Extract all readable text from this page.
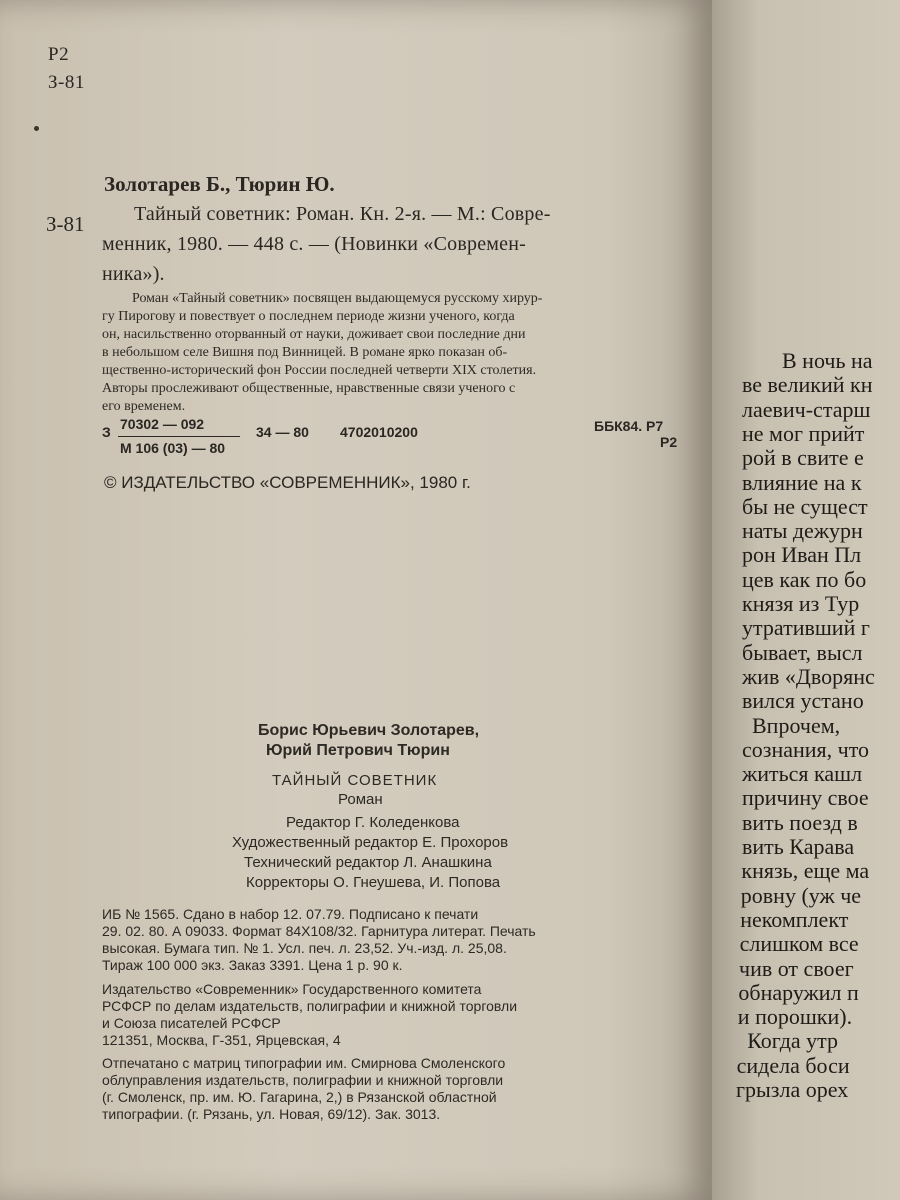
Р2
З-81
Золотарев Б., Тюрин Ю.
З-81 Тайный советник: Роман. Кн. 2-я. — М.: Совре-
менник, 1980. — 448 с. — (Новинки «Современ-
ника»).
Роман «Тайный советник» посвящен выдающемуся русскому хирур-
гу Пирогову и повествует о последнем периоде жизни ученого, когда
он, насильственно оторванный от науки, доживает свои последние дни
в небольшом селе Вишня под Винницей. В романе ярко показан об-
щественно-исторический фон России последней четверти XIX столетия.
Авторы прослеживают общественные, нравственные связи ученого с
его временем.
З 70302 — 092
М 106 (03) — 80
34 — 80 4702010200	ББК84. Р7
Р2
© ИЗДАТЕЛЬСТВО «СОВРЕМЕННИК», 1980 г.
Борис Юрьевич Золотарев,
Юрий Петрович Тюрин
ТАЙНЫЙ СОВЕТНИК
Роман
Редактор Г. Коледенкова
Художественный редактор Е. Прохоров
Технический редактор Л. Анашкина
Корректоры О. Гнеушева, И. Попова
ИБ № 1565. Сдано в набор 12. 07.79. Подписано к печати
29. 02. 80. А 09033. Формат 84X108/32. Гарнитура литерат. Печать
высокая. Бумага тип. № 1. Усл. печ. л. 23,52. Уч.-изд. л. 25,08.
Тираж 100 000 экз. Заказ 3391. Цена 1 р. 90 к.
Издательство «Современник» Государственного комитета
РСФСР по делам издательств, полиграфии и книжной торговли
и Союза писателей РСФСР
121351, Москва, Г-351, Ярцевская, 4
Отпечатано с матриц типографии им. Смирнова Смоленского
облуправления издательств, полиграфии и книжной торговли
(г. Смоленск, пр. им. Ю. Гагарина, 2,) в Рязанской областной
типографии. (г. Рязань, ул. Новая, 69/12). Зак. 3013.
В ночь на
ве великий кн
лаевич-старш
не мог прийт
рой в свите е
влияние на к
бы не сущест
наты дежурн
рон Иван Пл
цев как по бо
князя из Тур
утративший г
бывает, высл
жив «Дворянс
вился устано
Впрочем,
сознания, что
житься кашл
причину свое
вить поезд в
вить Карава
князь, еще ма
ровну (уж че
некомплект
слишком все
чив от своег
обнаружил п
и порошки).
Когда утр
сидела боси
грызла орех
